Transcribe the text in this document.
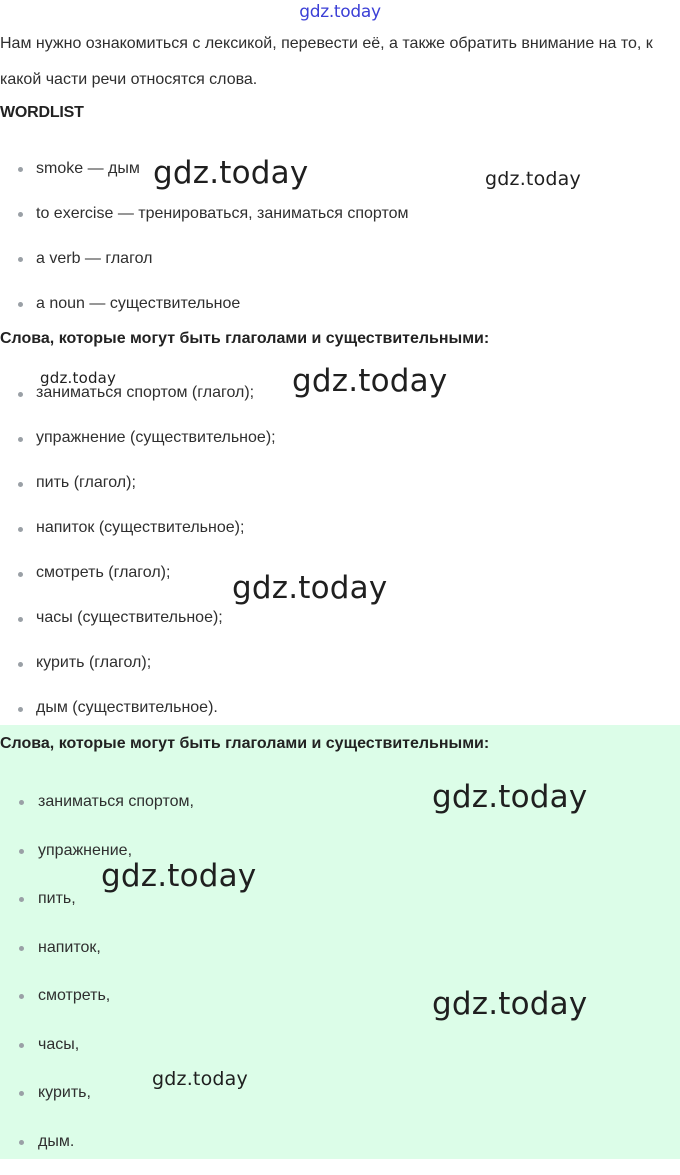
gdz.today
Нам нужно ознакомиться с лексикой, перевести её, а также обратить внимание на то, к какой части речи относятся слова.
WORDLIST
smoke — дым
to exercise — тренироваться, заниматься спортом
a verb — глагол
a noun — существительное
Слова, которые могут быть глаголами и существительными:
заниматься спортом (глагол);
упражнение (существительное);
пить (глагол);
напиток (существительное);
смотреть (глагол);
часы (существительное);
курить (глагол);
дым (существительное).
Слова, которые могут быть глаголами и существительными:
заниматься спортом,
упражнение,
пить,
напиток,
смотреть,
часы,
курить,
дым.
gdz.today	gdz.today
gdz.today	gdz.today
gdz.today
gdz.today
gdz.today
gdz.today
gdz.today
